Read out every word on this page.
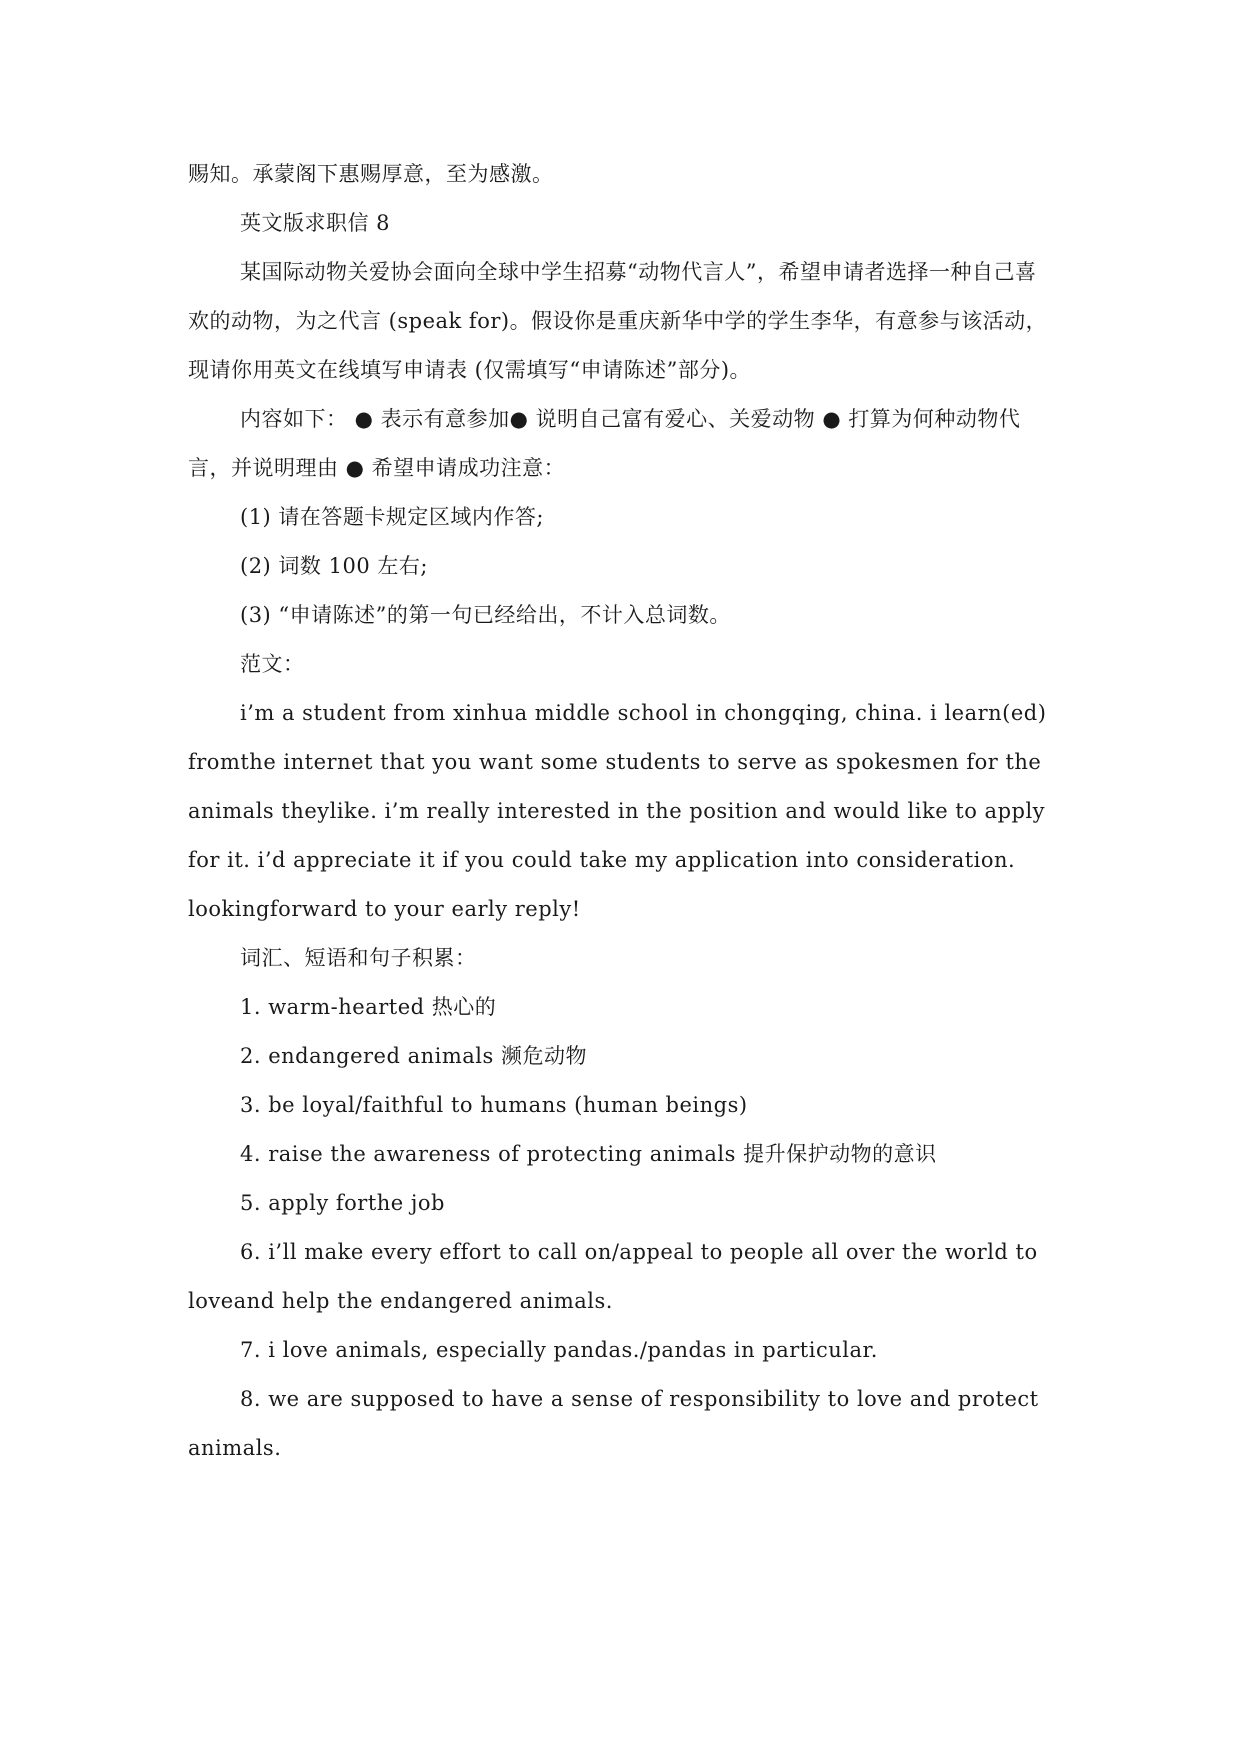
赐知。承蒙阁下惠赐厚意，至为感激。

英文版求职信 8

某国际动物关爱协会面向全球中学生招募“动物代言人”，希望申请者选择一种自己喜欢的动物，为之代言 (speak for)。假设你是重庆新华中学的学生李华，有意参与该活动，现请你用英文在线填写申请表 (仅需填写“申请陈述”部分)。

内容如下： ● 表示有意参加● 说明自己富有爱心、关爱动物 ● 打算为何种动物代言，并说明理由 ● 希望申请成功注意：

(1) 请在答题卡规定区域内作答;

(2) 词数 100 左右;

(3) “申请陈述”的第一句已经给出，不计入总词数。

范文：

i’m a student from xinhua middle school in chongqing, china. i learn(ed) fromthe internet that you want some students to serve as spokesmen for the animals theylike. i’m really interested in the position and would like to apply for it. i’d appreciate it if you could take my application into consideration. lookingforward to your early reply!

词汇、短语和句子积累：

1. warm-hearted 热心的

2. endangered animals 濒危动物

3. be loyal/faithful to humans (human beings)

4. raise the awareness of protecting animals 提升保护动物的意识

5. apply forthe job

6. i’ll make every effort to call on/appeal to people all over the world to loveand help the endangered animals.

7. i love animals, especially pandas./pandas in particular.

8. we are supposed to have a sense of responsibility to love and protect animals.
